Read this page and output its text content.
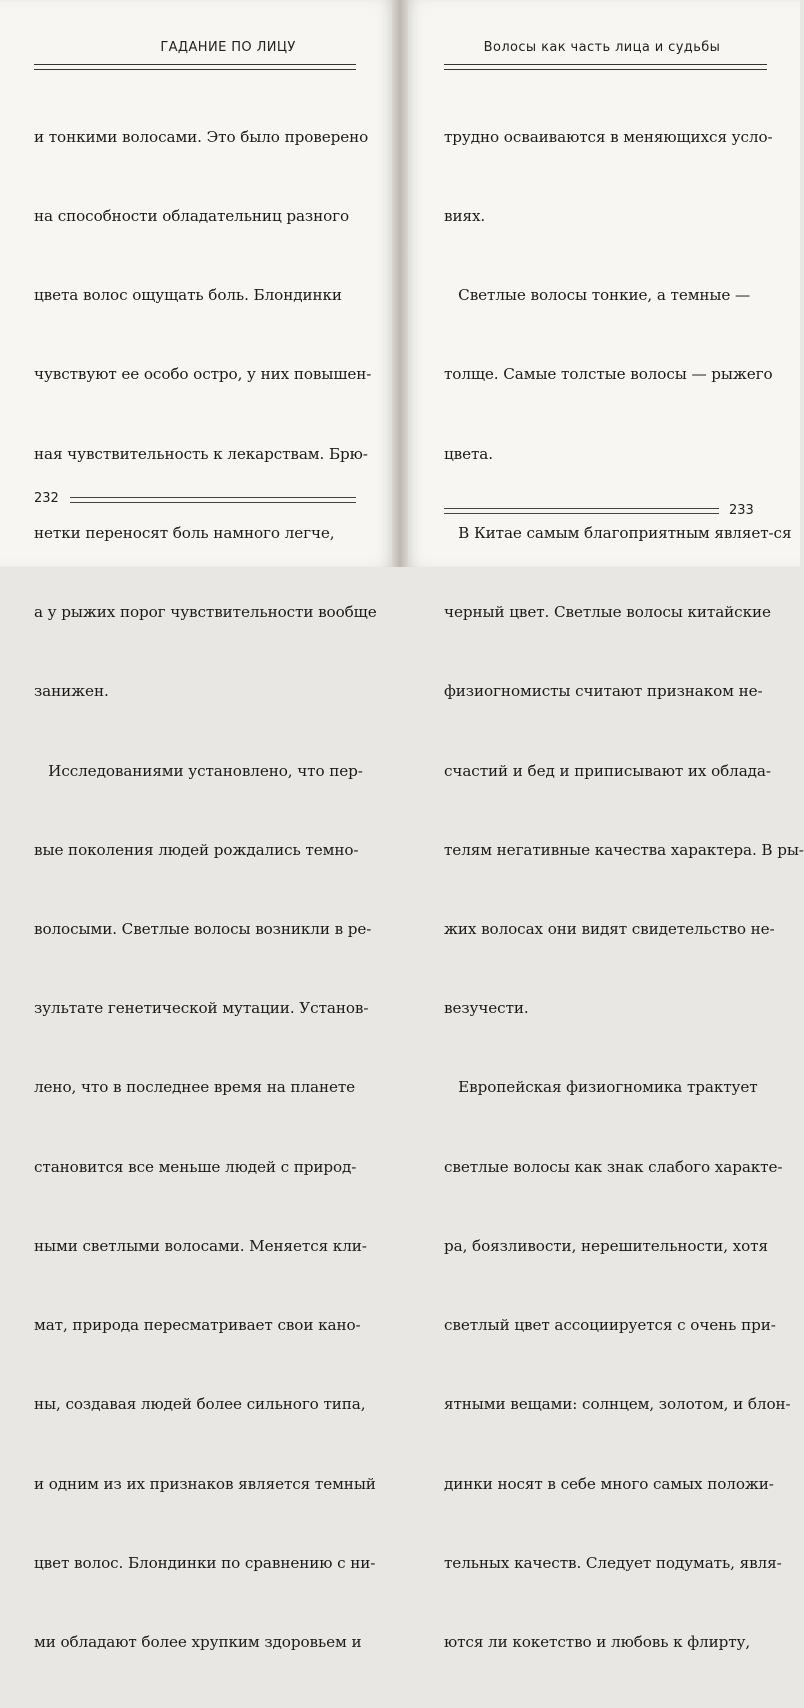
ГАДАНИЕ ПО ЛИЦУ

и тонкими волосами. Это было проверено

на способности обладательниц разного

цвета волос ощущать боль. Блондинки

чувствуют ее особо остро, у них повышен-

ная чувствительность к лекарствам. Брю-

нетки переносят боль намного легче,

а у рыжих порог чувствительности вообще

занижен.

Исследованиями установлено, что пер-

вые поколения людей рождались темно-

волосыми. Светлые волосы возникли в ре-

зультате генетической мутации. Установ-

лено, что в последнее время на планете

становится все меньше людей с природ-

ными светлыми волосами. Меняется кли-

мат, природа пересматривает свои кано-

ны, создавая людей более сильного типа,

и одним из их признаков является темный

цвет волос. Блондинки по сравнению с ни-

ми обладают более хрупким здоровьем и

232
Волосы как часть лица и судьбы

трудно осваиваются в меняющихся усло-

виях.

Светлые волосы тонкие, а темные —

толще. Самые толстые волосы — рыжего

цвета.

В Китае самым благоприятным являет-ся

черный цвет. Светлые волосы китайские

физиогномисты считают признаком не-

счастий и бед и приписывают их облада-

телям негативные качества характера. В ры-

жих волосах они видят свидетельство не-

везучести.

Европейская физиогномика трактует

светлые волосы как знак слабого характе-

ра, боязливости, нерешительности, хотя

светлый цвет ассоциируется с очень при-

ятными вещами: солнцем, золотом, и блон-

динки носят в себе много самых положи-

тельных качеств. Следует подумать, явля-

ются ли кокетство и любовь к флирту,

233
